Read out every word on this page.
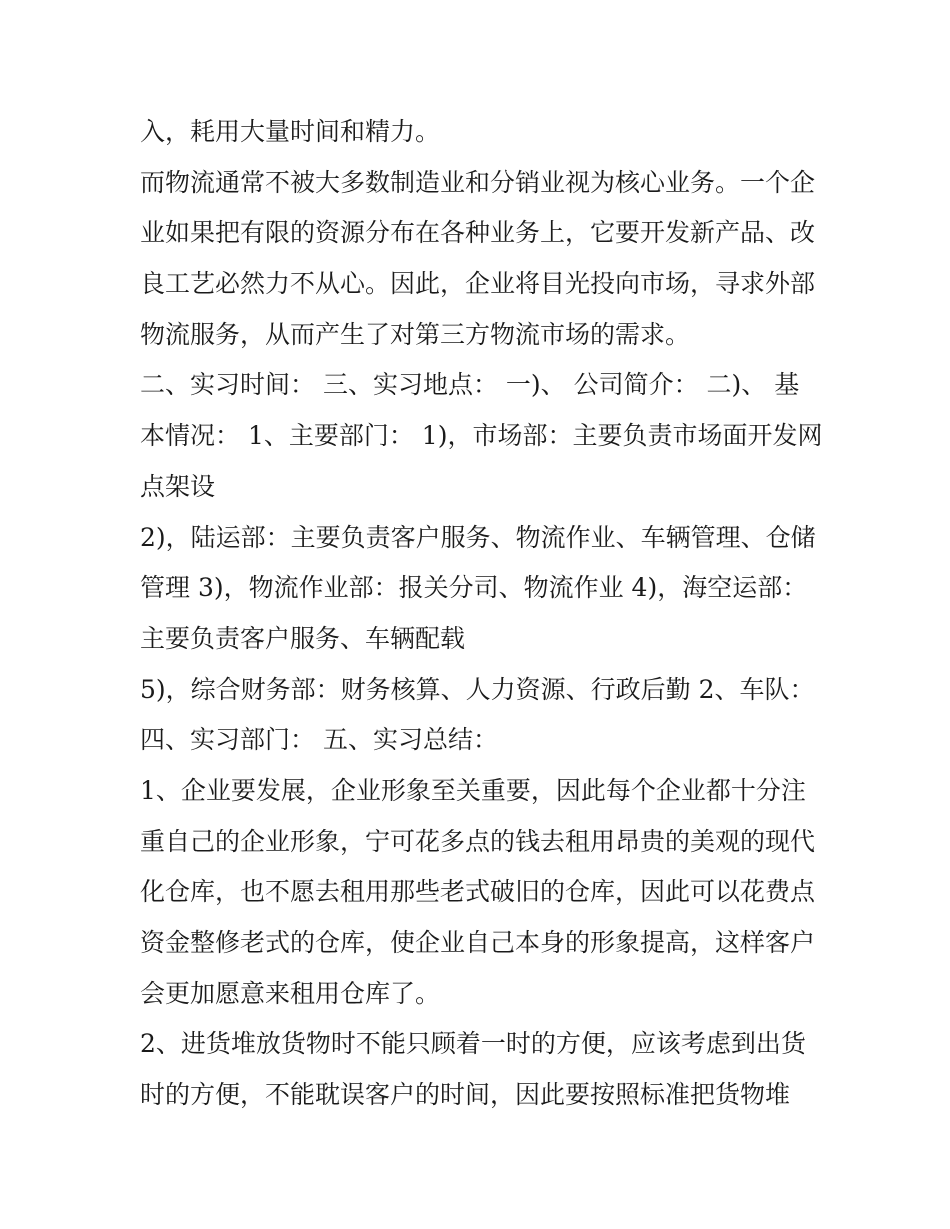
入，耗用大量时间和精力。
而物流通常不被大多数制造业和分销业视为核心业务。一个企
业如果把有限的资源分布在各种业务上，它要开发新产品、改
良工艺必然力不从心。因此，企业将目光投向市场，寻求外部
物流服务，从而产生了对第三方物流市场的需求。
二、实习时间： 三、实习地点： 一)、 公司简介： 二)、 基
本情况： 1、主要部门： 1)，市场部：主要负责市场面开发网
点架设
2)，陆运部：主要负责客户服务、物流作业、车辆管理、仓储
管理 3)，物流作业部：报关分司、物流作业 4)，海空运部：
主要负责客户服务、车辆配载
5)，综合财务部：财务核算、人力资源、行政后勤 2、车队：
四、实习部门： 五、实习总结：
1、企业要发展，企业形象至关重要，因此每个企业都十分注
重自己的企业形象，宁可花多点的钱去租用昂贵的美观的现代
化仓库，也不愿去租用那些老式破旧的仓库，因此可以花费点
资金整修老式的仓库，使企业自己本身的形象提高，这样客户
会更加愿意来租用仓库了。
2、进货堆放货物时不能只顾着一时的方便，应该考虑到出货
时的方便，不能耽误客户的时间，因此要按照标准把货物堆
